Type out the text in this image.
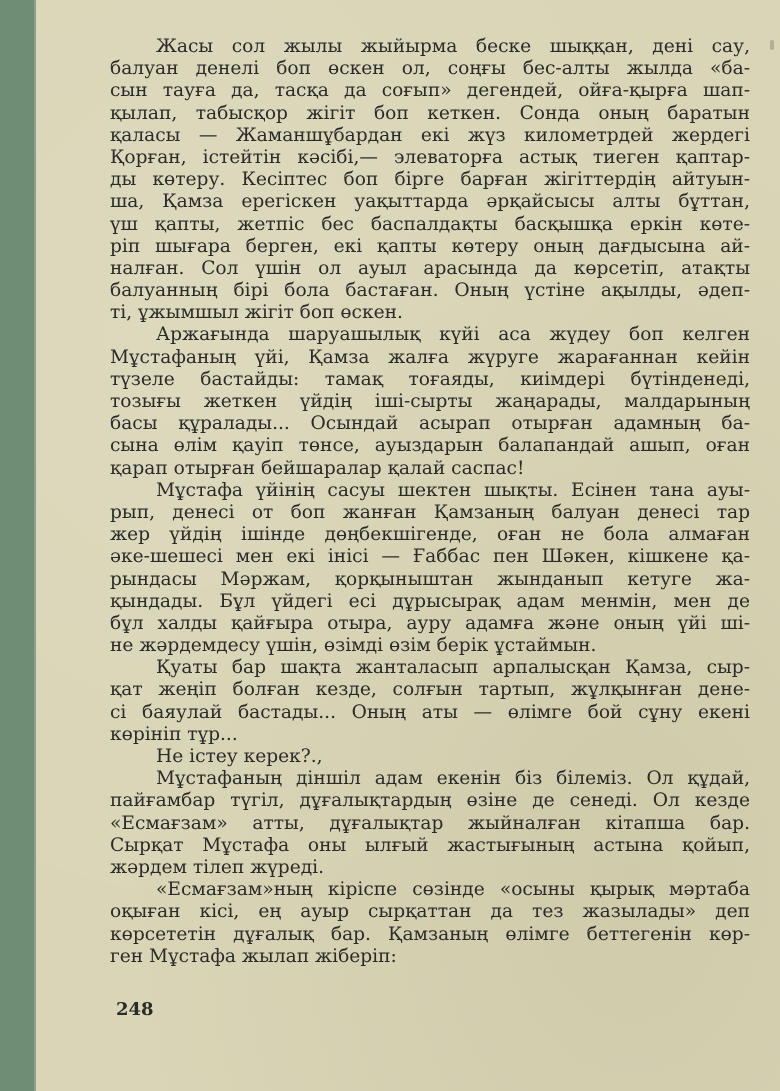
Жасы сол жылы жыйырма беске шыққан, дені сау,
балуан денелі боп өскен ол, соңғы бес-алты жылда «ба-
сын тауға да, тасқа да соғып» дегендей, ойға-қырға шап-
қылап, табысқор жігіт боп кеткен. Сонда оның баратын
қаласы — Жаманшұбардан екі жүз километрдей жердегі
Қорған, істейтін кәсібі,— элеваторға астық тиеген қаптар-
ды көтеру. Кесіптес боп бірге барған жігіттердің айтуын-
ша, Қамза ерегіскен уақыттарда әрқайсысы алты бұттан,
үш қапты, жетпіс бес баспалдақты басқышқа еркін көте-
ріп шығара берген, екі қапты көтеру оның дағдысына ай-
налған. Сол үшін ол ауыл арасында да көрсетіп, атақты
балуанның бірі бола бастаған. Оның үстіне ақылды, әдеп-
ті, ұжымшыл жігіт боп өскен.
Аржағында шаруашылық күйі аса жүдеу боп келген
Мұстафаның үйі, Қамза жалға жүруге жарағаннан кейін
түзеле бастайды: тамақ тоғаяды, киімдері бүтінденеді,
тозығы жеткен үйдің іші-сырты жаңарады, малдарының
басы құралады... Осындай асырап отырған адамның ба-
сына өлім қауіп төнсе, ауыздарын балапандай ашып, оған
қарап отырған бейшаралар қалай саспас!
Мұстафа үйінің сасуы шектен шықты. Есінен тана ауы-
рып, денесі от боп жанған Қамзаның балуан денесі тар
жер үйдің ішінде дөңбекшігенде, оған не бола алмаған
әке-шешесі мен екі інісі — Ғаббас пен Шәкен, кішкене қа-
рындасы Мәржам, қорқыныштан жынданып кетуге жа-
қындады. Бұл үйдегі есі дұрысырақ адам менмін, мен де
бұл халды қайғыра отыра, ауру адамға және оның үйі ші-
не жәрдемдесу үшін, өзімді өзім берік ұстаймын.
Қуаты бар шақта жанталасып арпалысқан Қамза, сыр-
қат жеңіп болған кезде, солғын тартып, жұлқынған дене-
сі баяулай бастады... Оның аты — өлімге бой сұну екені
көрініп тұр...
Не істеу керек?.,
Мұстафаның діншіл адам екенін біз білеміз. Ол құдай,
пайғамбар түгіл, дұғалықтардың өзіне де сенеді. Ол кезде
«Есмағзам» атты, дұғалықтар жыйналған кітапша бар.
Сырқат Мұстафа оны ылғый жастығының астына қойып,
жәрдем тілеп жүреді.
«Есмағзам»ның кіріспе сөзінде «осыны қырық мәртаба
оқыған кісі, ең ауыр сырқаттан да тез жазылады» деп
көрсететін дұғалық бар. Қамзаның өлімге беттегенін көр-
ген Мұстафа жылап жіберіп:
248
